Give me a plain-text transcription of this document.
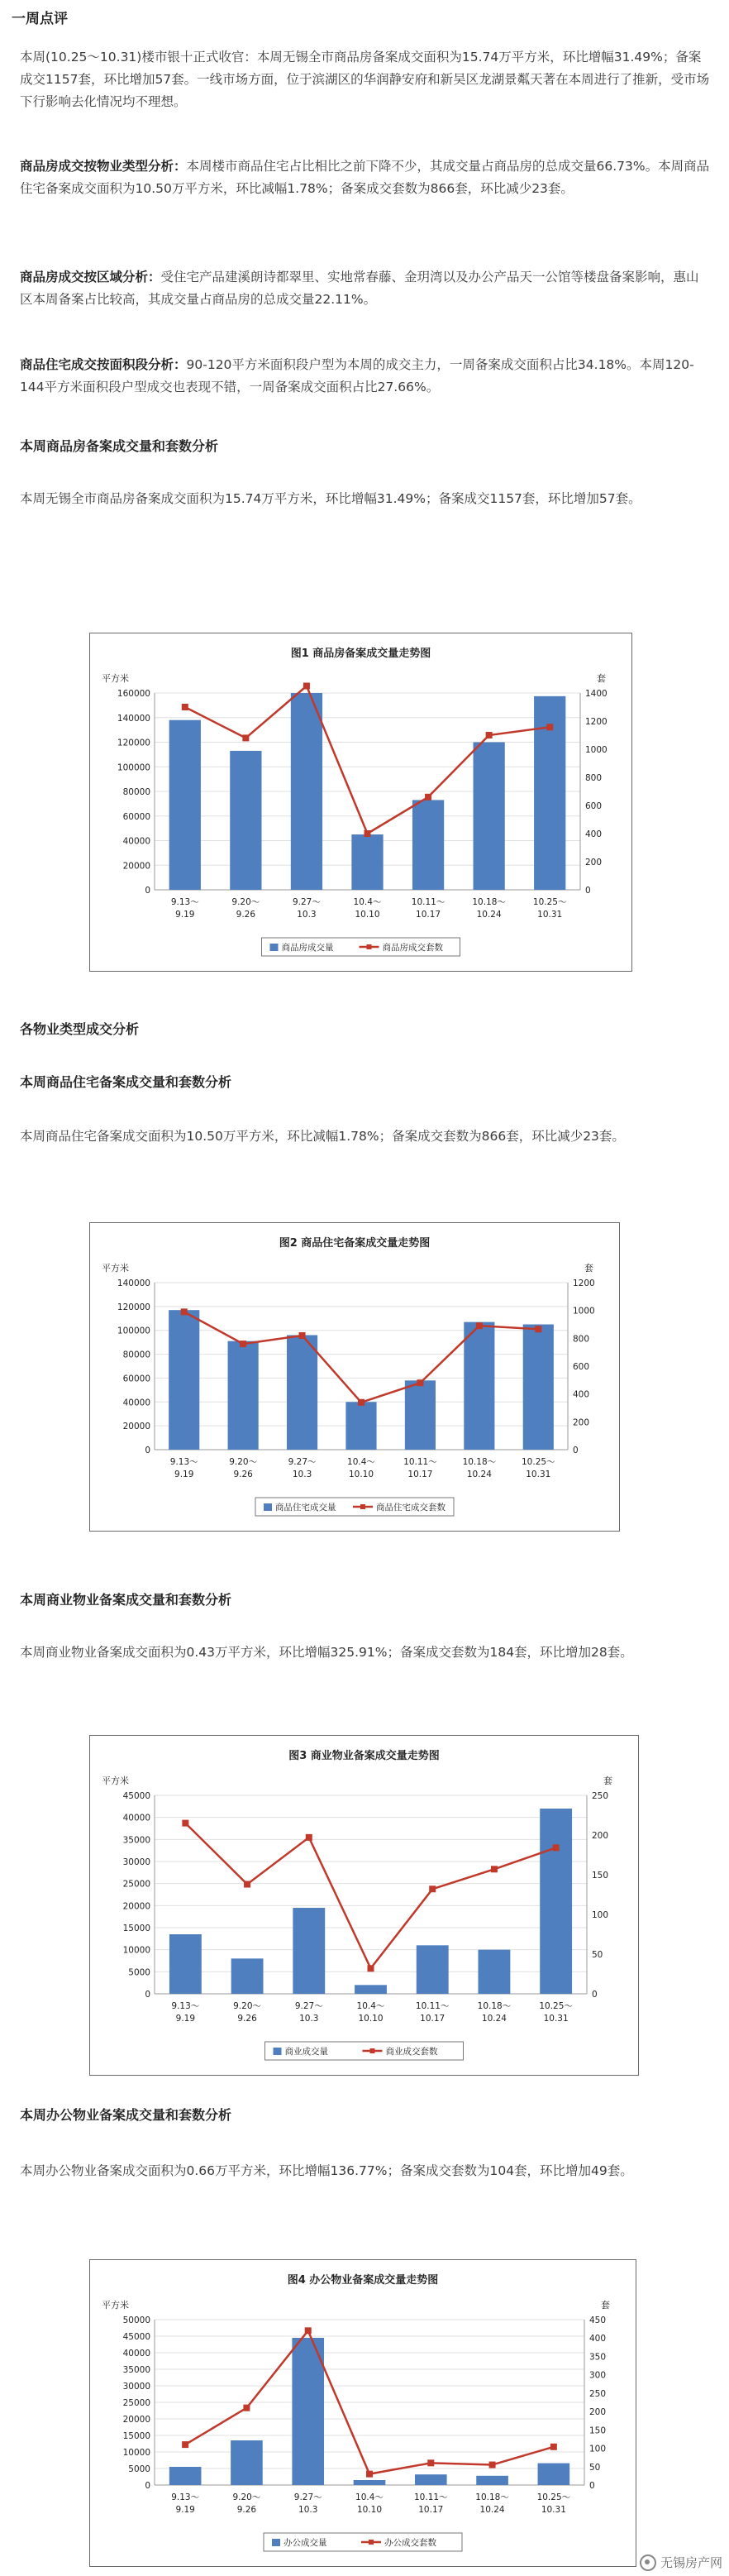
一周点评
本周(10.25～10.31)楼市银十正式收官：本周无锡全市商品房备案成交面积为15.74万平方米，环比增幅31.49%；备案成交1157套，环比增加57套。一线市场方面，位于滨湖区的华润静安府和新吴区龙湖景粼天著在本周进行了推新，受市场下行影响去化情况均不理想。
商品房成交按物业类型分析：本周楼市商品住宅占比相比之前下降不少，其成交量占商品房的总成交量66.73%。本周商品住宅备案成交面积为10.50万平方米，环比减幅1.78%；备案成交套数为866套，环比减少23套。
商品房成交按区域分析：受住宅产品建溪朗诗都翠里、实地常春藤、金玥湾以及办公产品天一公馆等楼盘备案影响，惠山区本周备案占比较高，其成交量占商品房的总成交量22.11%。
商品住宅成交按面积段分析：90-120平方米面积段户型为本周的成交主力，一周备案成交面积占比34.18%。本周120-144平方米面积段户型成交也表现不错，一周备案成交面积占比27.66%。
本周商品房备案成交量和套数分析
本周无锡全市商品房备案成交面积为15.74万平方米，环比增幅31.49%；备案成交1157套，环比增加57套。
图1 商品房备案成交量走势图
平方米	套
0
20000
40000
60000
80000
100000
120000
140000
160000
0
200
400
600
800
1000
1200
1400
9.13～
9.19
9.20～
9.26
9.27～
10.3
10.4～
10.10
10.11～
10.17
10.18～
10.24
10.25～
10.31
商品房成交量	商品房成交套数
各物业类型成交分析
本周商品住宅备案成交量和套数分析
本周商品住宅备案成交面积为10.50万平方米，环比减幅1.78%；备案成交套数为866套，环比减少23套。
图2 商品住宅备案成交量走势图
平方米	套
0
20000
40000
60000
80000
100000
120000
140000
0
200
400
600
800
1000
1200
9.13～
9.19
9.20～
9.26
9.27～
10.3
10.4～
10.10
10.11～
10.17
10.18～
10.24
10.25～
10.31
商品住宅成交量	商品住宅成交套数
本周商业物业备案成交量和套数分析
本周商业物业备案成交面积为0.43万平方米，环比增幅325.91%；备案成交套数为184套，环比增加28套。
图3 商业物业备案成交量走势图
平方米	套
0
5000
10000
15000
20000
25000
30000
35000
40000
45000
0
50
100
150
200
250
9.13～
9.19
9.20～
9.26
9.27～
10.3
10.4～
10.10
10.11～
10.17
10.18～
10.24
10.25～
10.31
商业成交量	商业成交套数
本周办公物业备案成交量和套数分析
本周办公物业备案成交面积为0.66万平方米，环比增幅136.77%；备案成交套数为104套，环比增加49套。
图4 办公物业备案成交量走势图
平方米	套
0
5000
10000
15000
20000
25000
30000
35000
40000
45000
50000
0
50
100
150
200
250
300
350
400
450
9.13～
9.19
9.20～
9.26
9.27～
10.3
10.4～
10.10
10.11～
10.17
10.18～
10.24
10.25～
10.31
办公成交量	办公成交套数
无锡房产网
